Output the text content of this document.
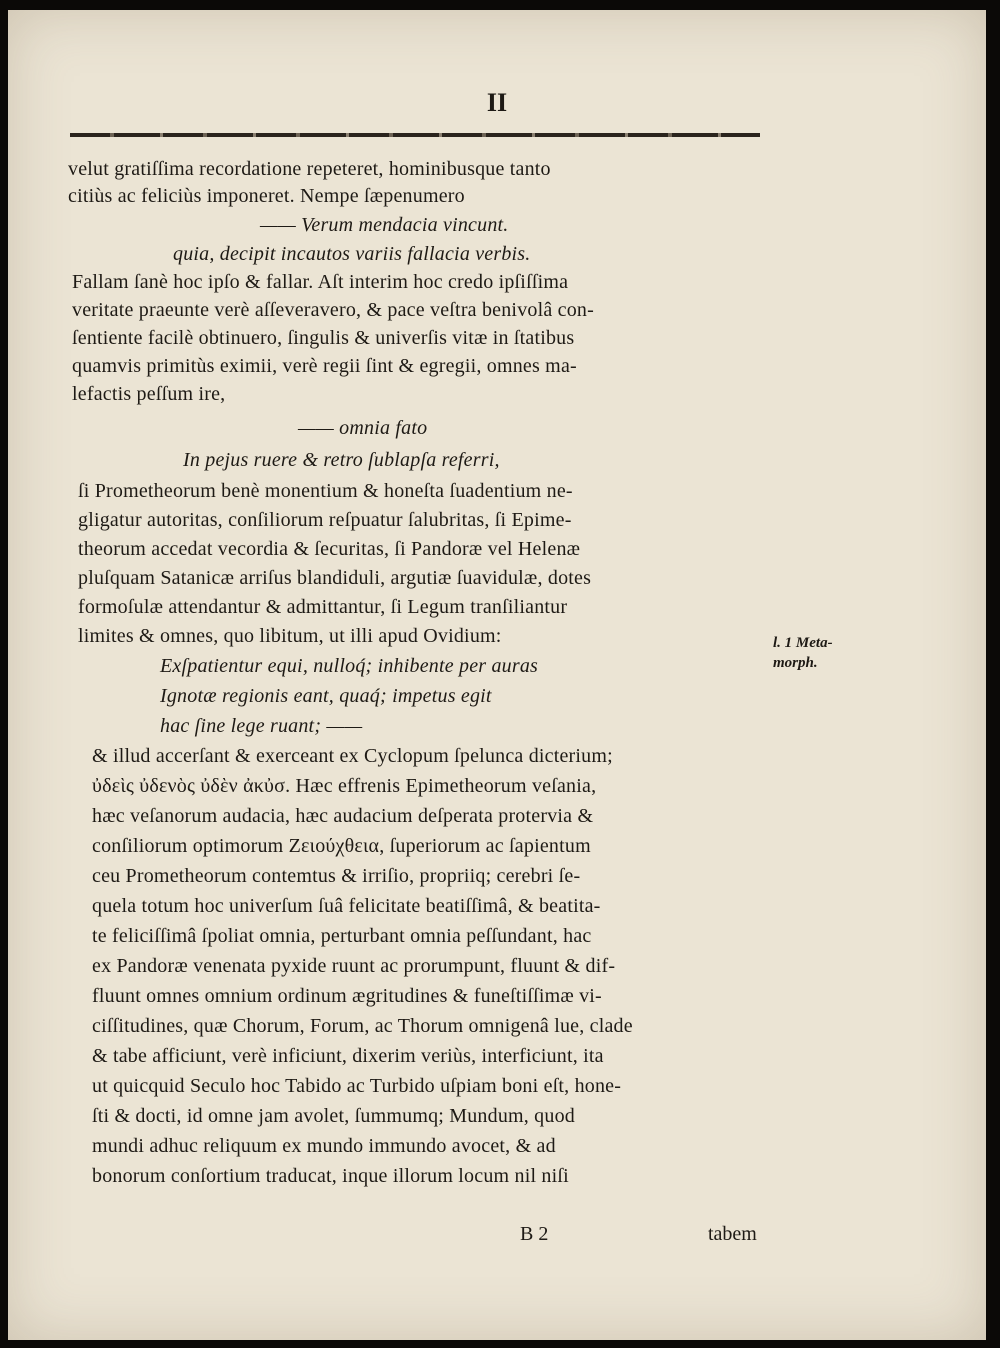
II
velut gratiſſima recordatione repeteret, hominibusque tanto
citiùs ac feliciùs imponeret. Nempe ſæpenumero
—— Verum mendacia vincunt.
quia, decipit incautos variis fallacia verbis.
Fallam ſanè hoc ipſo & fallar. Aſt interim hoc credo ipſiſſima
veritate praeunte verè aſſeveravero, & pace veſtra benivolâ con-
ſentiente facilè obtinuero, ſingulis & univerſis vitæ in ſtatibus
quamvis primitùs eximii, verè regii ſint & egregii, omnes ma-
lefactis peſſum ire,
—— omnia fato
In pejus ruere & retro ſublapſa referri,
ſi Prometheorum benè monentium & honeſta ſuadentium ne-
gligatur autoritas, conſiliorum reſpuatur ſalubritas, ſi Epime-
theorum accedat vecordia & ſecuritas, ſi Pandoræ vel Helenæ
pluſquam Satanicæ arriſus blandiduli, argutiæ ſuavidulæ, dotes
formoſulæ attendantur & admittantur, ſi Legum tranſiliantur
limites & omnes, quo libitum, ut illi apud Ovidium:
Exſpatientur equi, nulloq́; inhibente per auras
Ignotæ regionis eant, quaq́; impetus egit
hac ſine lege ruant; ——
& illud accerſant & exerceant ex Cyclopum ſpelunca dicterium;
ὐδεὶς ὐδενὸς ὐδὲν ἀκὐσ. Hæc effrenis Epimetheorum veſania,
hæc veſanorum audacia, hæc audacium deſperata protervia &
conſiliorum optimorum Ζειούχθεια, ſuperiorum ac ſapientum
ceu Prometheorum contemtus & irriſio, propriiq; cerebri ſe-
quela totum hoc univerſum ſuâ felicitate beatiſſimâ, & beatita-
te feliciſſimâ ſpoliat omnia, perturbant omnia peſſundant, hac
ex Pandoræ venenata pyxide ruunt ac prorumpunt, fluunt & dif-
fluunt omnes omnium ordinum ægritudines & funeſtiſſimæ vi-
ciſſitudines, quæ Chorum, Forum, ac Thorum omnigenâ lue, clade
& tabe afficiunt, verè inficiunt, dixerim veriùs, interficiunt, ita
ut quicquid Seculo hoc Tabido ac Turbido uſpiam boni eſt, hone-
ſti & docti, id omne jam avolet, ſummumq; Mundum, quod
mundi adhuc reliquum ex mundo immundo avocet, & ad
bonorum conſortium traducat, inque illorum locum nil niſi
l. 1 Meta-
morph.
B 2	tabem
